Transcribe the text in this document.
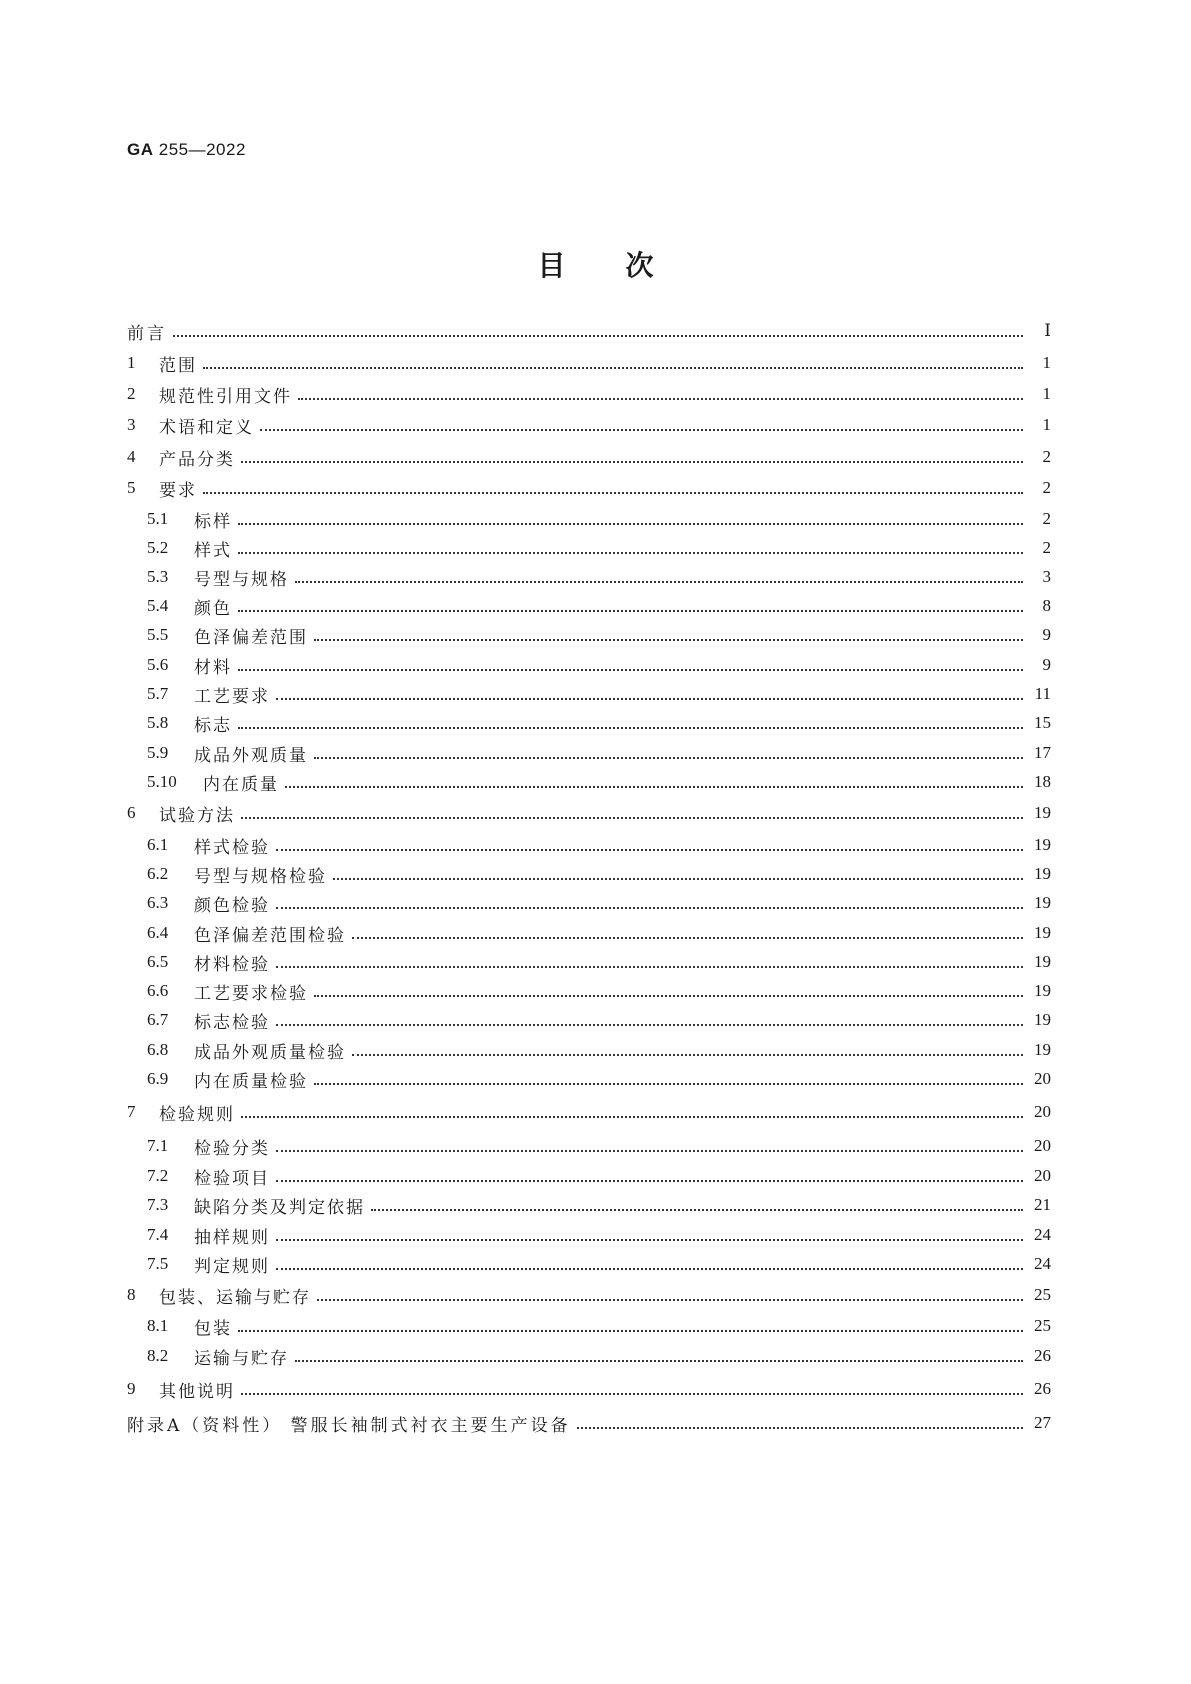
GA 255—2022
目次
前言	Ⅰ
1	范围	1
2	规范性引用文件	1
3	术语和定义	1
4	产品分类	2
5	要求	2
5.1	标样	2
5.2	样式	2
5.3	号型与规格	3
5.4	颜色	8
5.5	色泽偏差范围	9
5.6	材料	9
5.7	工艺要求	11
5.8	标志	15
5.9	成品外观质量	17
5.10	内在质量	18
6	试验方法	19
6.1	样式检验	19
6.2	号型与规格检验	19
6.3	颜色检验	19
6.4	色泽偏差范围检验	19
6.5	材料检验	19
6.6	工艺要求检验	19
6.7	标志检验	19
6.8	成品外观质量检验	19
6.9	内在质量检验	20
7	检验规则	20
7.1	检验分类	20
7.2	检验项目	20
7.3	缺陷分类及判定依据	21
7.4	抽样规则	24
7.5	判定规则	24
8	包装、运输与贮存	25
8.1	包装	25
8.2	运输与贮存	26
9	其他说明	26
附录A（资料性） 警服长袖制式衬衣主要生产设备	27
